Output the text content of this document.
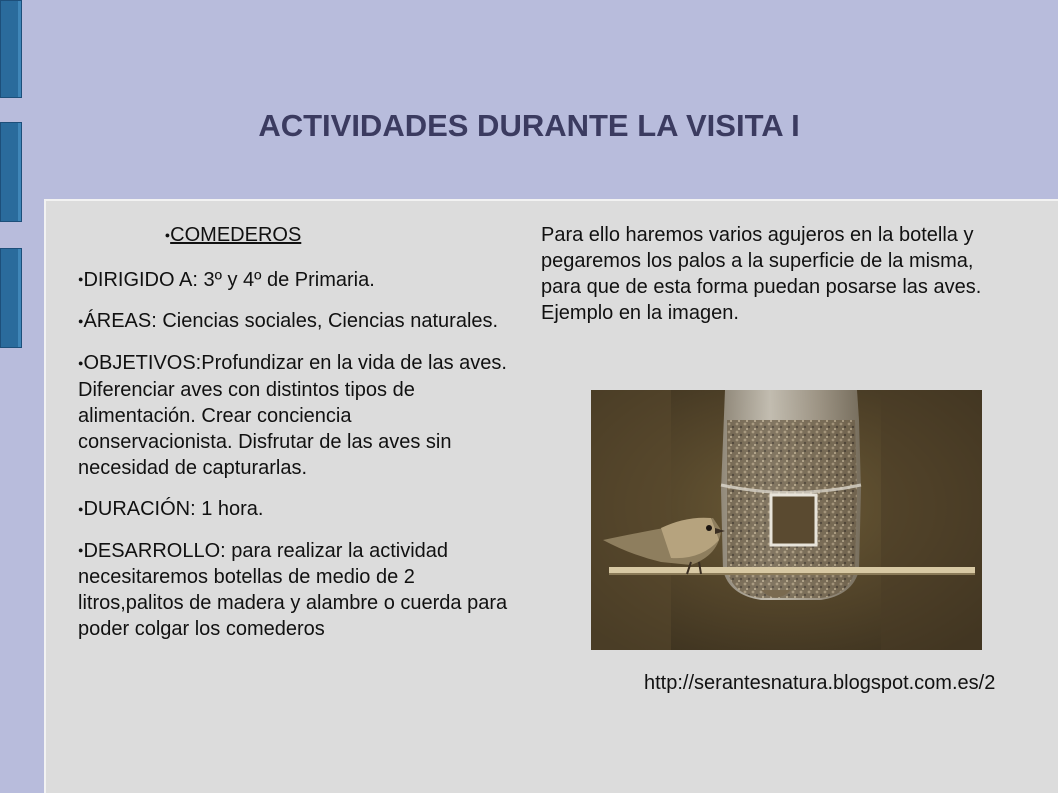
ACTIVIDADES DURANTE LA VISITA I
●COMEDEROS
●DIRIGIDO A: 3º y 4º de Primaria.
●ÁREAS: Ciencias sociales, Ciencias naturales.
●OBJETIVOS:Profundizar en la vida de las aves. Diferenciar aves con distintos tipos de alimentación. Crear conciencia conservacionista. Disfrutar de las aves sin necesidad de capturarlas.
●DURACIÓN: 1 hora.
●DESARROLLO: para realizar la actividad necesitaremos botellas de medio de 2 litros,palitos de madera y alambre o cuerda para poder colgar los comederos

Para ello haremos varios agujeros en la botella y pegaremos los palos a la superficie de la misma, para que de esta forma puedan posarse las aves. Ejemplo en la imagen.

http://serantesnatura.blogspot.com.es/2
